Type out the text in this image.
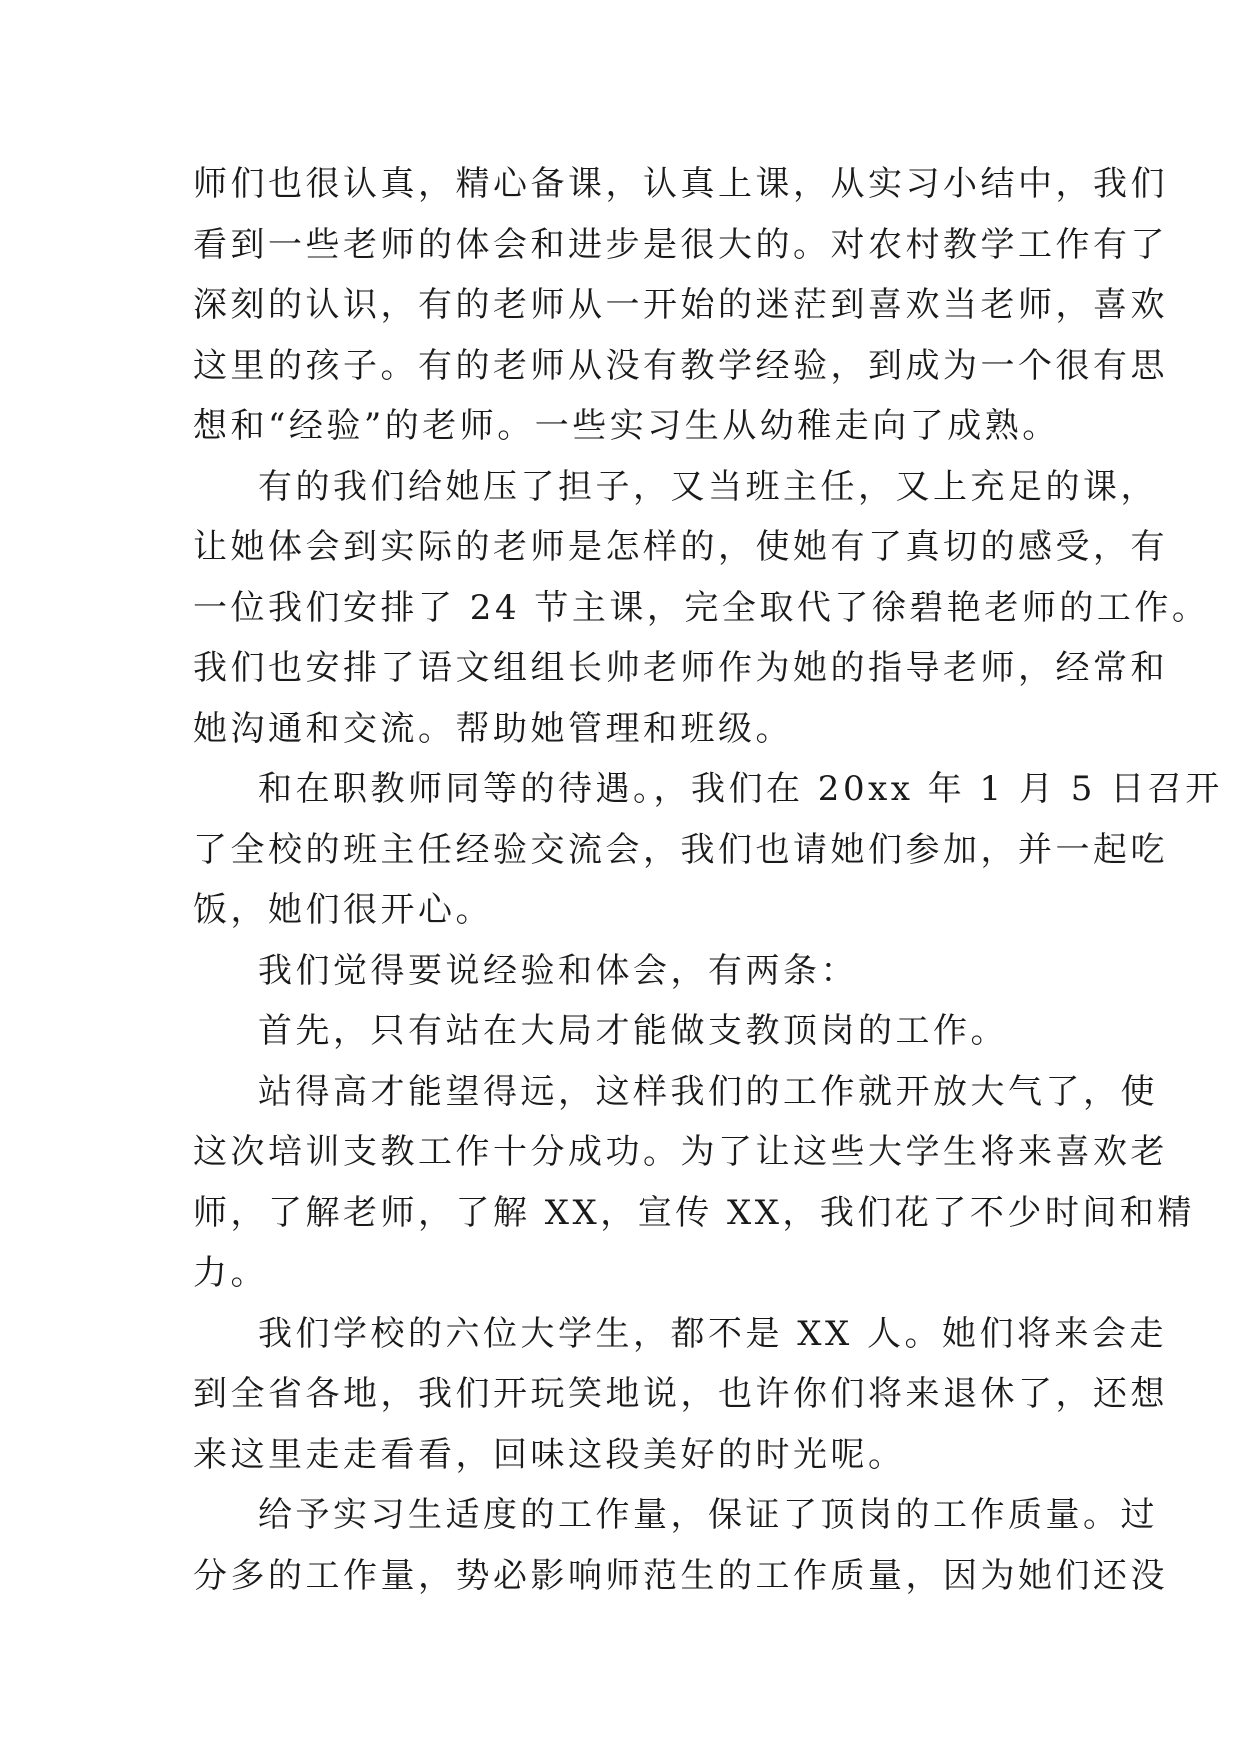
师们也很认真，精心备课，认真上课，从实习小结中，我们
看到一些老师的体会和进步是很大的。对农村教学工作有了
深刻的认识，有的老师从一开始的迷茫到喜欢当老师，喜欢
这里的孩子。有的老师从没有教学经验，到成为一个很有思
想和“经验”的老师。一些实习生从幼稚走向了成熟。
有的我们给她压了担子，又当班主任，又上充足的课，
让她体会到实际的老师是怎样的，使她有了真切的感受，有
一位我们安排了 24 节主课，完全取代了徐碧艳老师的工作。
我们也安排了语文组组长帅老师作为她的指导老师，经常和
她沟通和交流。帮助她管理和班级。
和在职教师同等的待遇。，我们在 20xx 年 1 月 5 日召开
了全校的班主任经验交流会，我们也请她们参加，并一起吃
饭，她们很开心。
我们觉得要说经验和体会，有两条：
首先，只有站在大局才能做支教顶岗的工作。
站得高才能望得远，这样我们的工作就开放大气了，使
这次培训支教工作十分成功。为了让这些大学生将来喜欢老
师，了解老师，了解 XX，宣传 XX，我们花了不少时间和精
力。
我们学校的六位大学生，都不是 XX 人。她们将来会走
到全省各地，我们开玩笑地说，也许你们将来退休了，还想
来这里走走看看，回味这段美好的时光呢。
给予实习生适度的工作量，保证了顶岗的工作质量。过
分多的工作量，势必影响师范生的工作质量，因为她们还没
